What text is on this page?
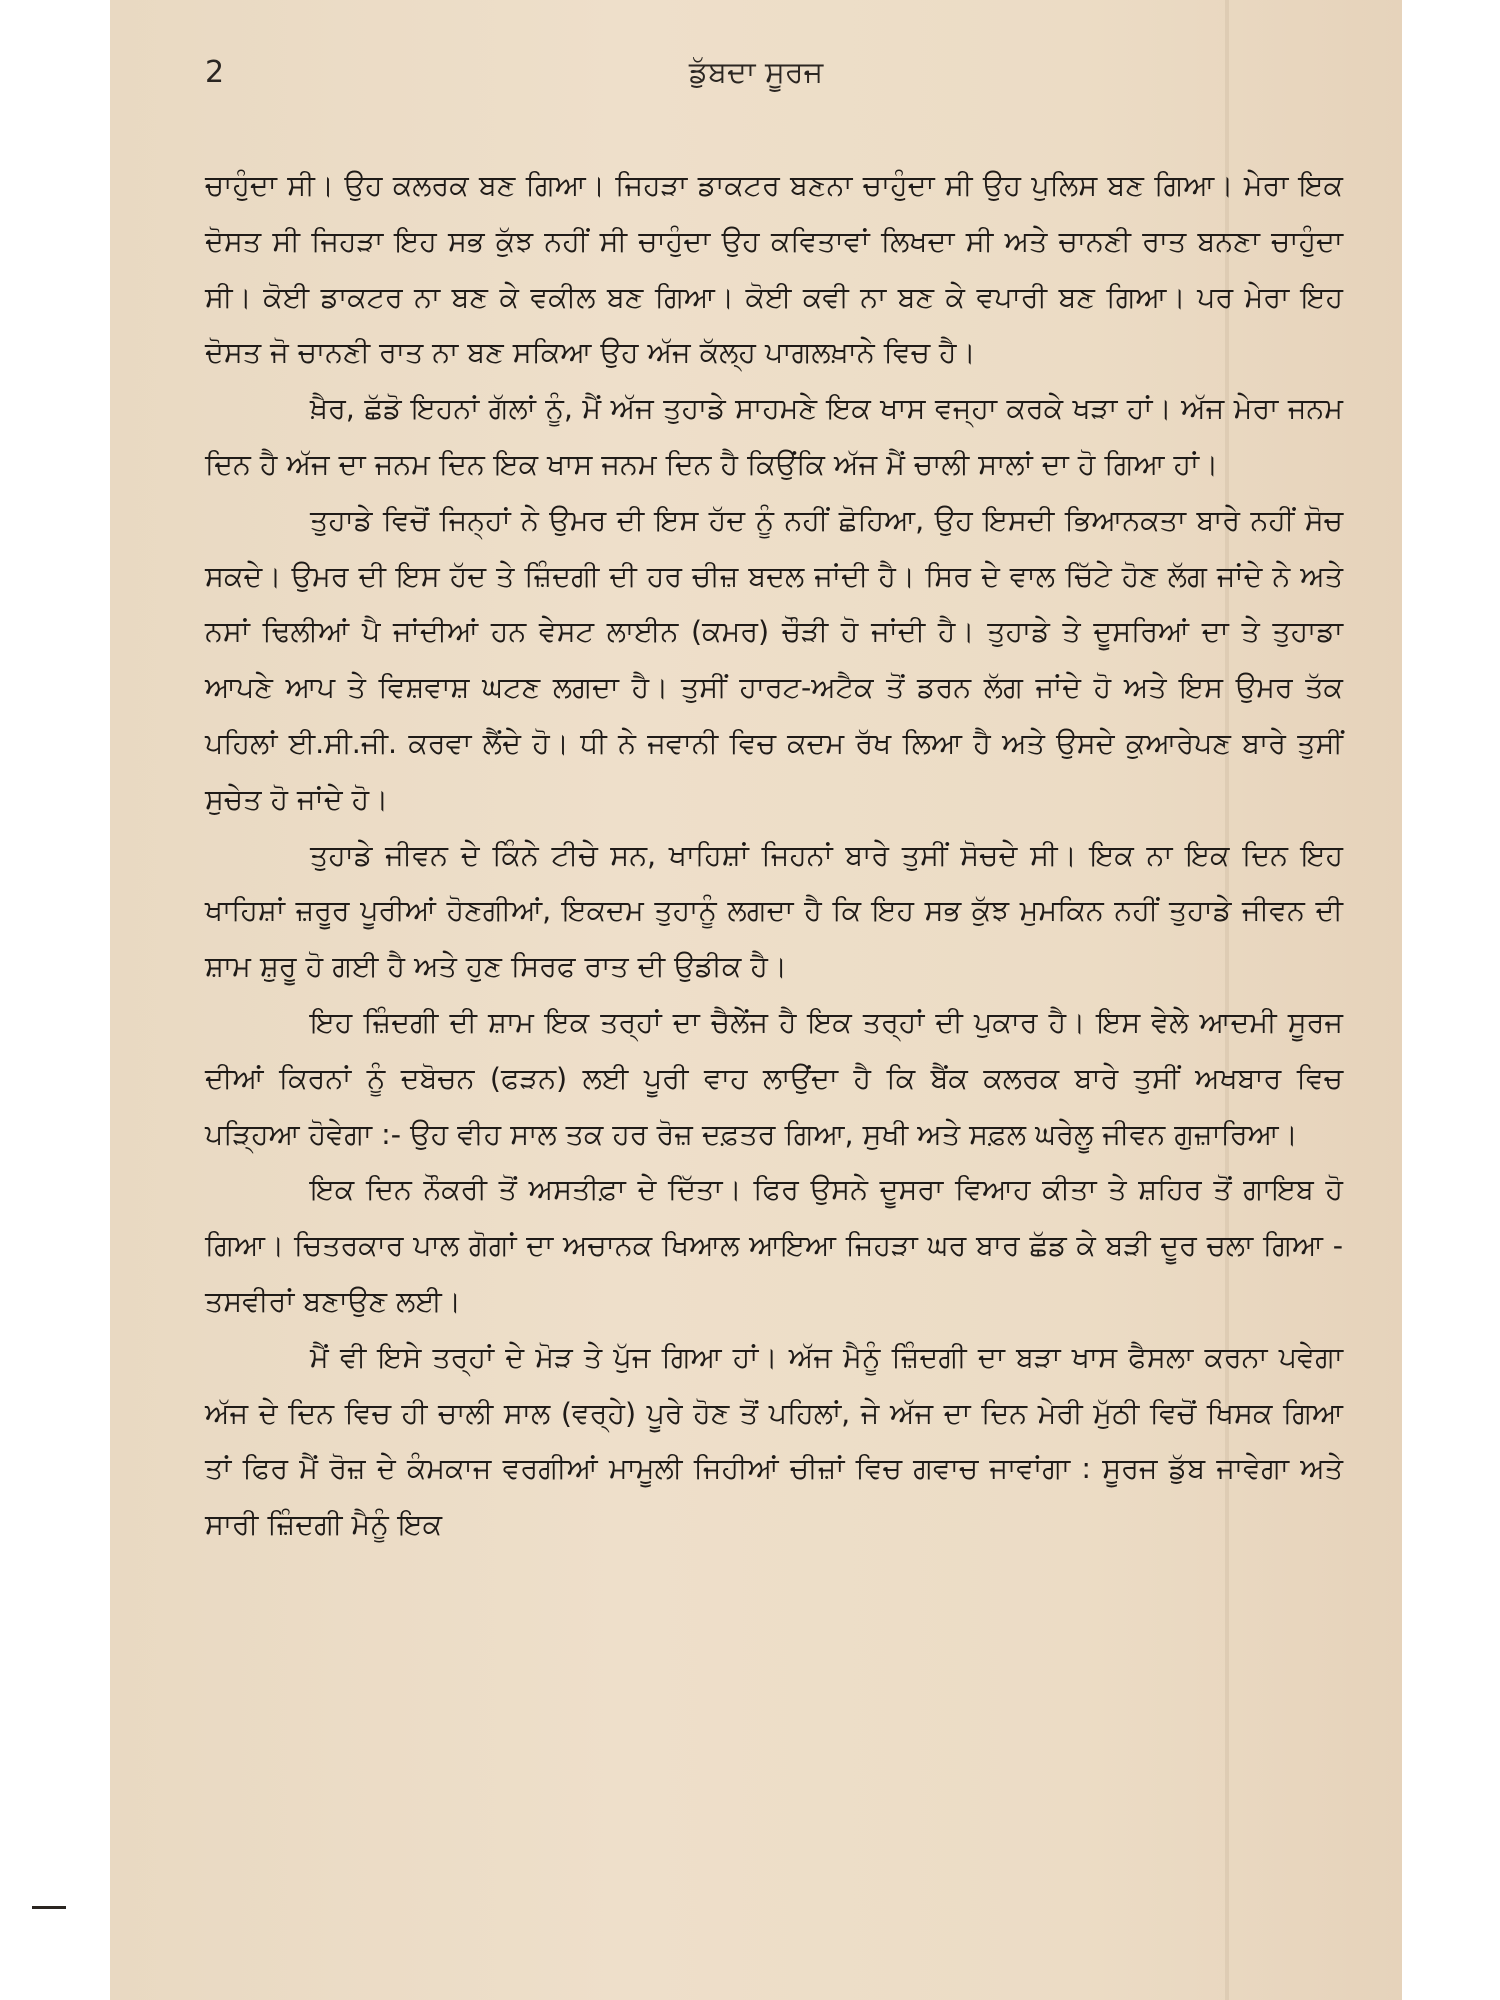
2	ਡੁੱਬਦਾ ਸੂਰਜ

ਚਾਹੁੰਦਾ ਸੀ। ਉਹ ਕਲਰਕ ਬਣ ਗਿਆ। ਜਿਹੜਾ ਡਾਕਟਰ ਬਣਨਾ ਚਾਹੁੰਦਾ ਸੀ ਉਹ ਪੁਲਿਸ ਬਣ ਗਿਆ। ਮੇਰਾ ਇਕ ਦੋਸਤ ਸੀ ਜਿਹੜਾ ਇਹ ਸਭ ਕੁੱਝ ਨਹੀਂ ਸੀ ਚਾਹੁੰਦਾ ਉਹ ਕਵਿਤਾਵਾਂ ਲਿਖਦਾ ਸੀ ਅਤੇ ਚਾਨਣੀ ਰਾਤ ਬਨਣਾ ਚਾਹੁੰਦਾ ਸੀ। ਕੋਈ ਡਾਕਟਰ ਨਾ ਬਣ ਕੇ ਵਕੀਲ ਬਣ ਗਿਆ। ਕੋਈ ਕਵੀ ਨਾ ਬਣ ਕੇ ਵਪਾਰੀ ਬਣ ਗਿਆ। ਪਰ ਮੇਰਾ ਇਹ ਦੋਸਤ ਜੋ ਚਾਨਣੀ ਰਾਤ ਨਾ ਬਣ ਸਕਿਆ ਉਹ ਅੱਜ ਕੱਲ੍ਹ ਪਾਗਲਖ਼ਾਨੇ ਵਿਚ ਹੈ।

ਖ਼ੈਰ, ਛੱਡੋ ਇਹਨਾਂ ਗੱਲਾਂ ਨੂੰ, ਮੈਂ ਅੱਜ ਤੁਹਾਡੇ ਸਾਹਮਣੇ ਇਕ ਖਾਸ ਵਜ੍ਹਾ ਕਰਕੇ ਖੜਾ ਹਾਂ। ਅੱਜ ਮੇਰਾ ਜਨਮ ਦਿਨ ਹੈ ਅੱਜ ਦਾ ਜਨਮ ਦਿਨ ਇਕ ਖਾਸ ਜਨਮ ਦਿਨ ਹੈ ਕਿਉਂਕਿ ਅੱਜ ਮੈਂ ਚਾਲੀ ਸਾਲਾਂ ਦਾ ਹੋ ਗਿਆ ਹਾਂ।

ਤੁਹਾਡੇ ਵਿਚੋਂ ਜਿਨ੍ਹਾਂ ਨੇ ਉਮਰ ਦੀ ਇਸ ਹੱਦ ਨੂੰ ਨਹੀਂ ਛੋਹਿਆ, ਉਹ ਇਸਦੀ ਭਿਆਨਕਤਾ ਬਾਰੇ ਨਹੀਂ ਸੋਚ ਸਕਦੇ। ਉਮਰ ਦੀ ਇਸ ਹੱਦ ਤੇ ਜ਼ਿੰਦਗੀ ਦੀ ਹਰ ਚੀਜ਼ ਬਦਲ ਜਾਂਦੀ ਹੈ। ਸਿਰ ਦੇ ਵਾਲ ਚਿੱਟੇ ਹੋਣ ਲੱਗ ਜਾਂਦੇ ਨੇ ਅਤੇ ਨਸਾਂ ਢਿਲੀਆਂ ਪੈ ਜਾਂਦੀਆਂ ਹਨ ਵੇਸਟ ਲਾਈਨ (ਕਮਰ) ਚੌੜੀ ਹੋ ਜਾਂਦੀ ਹੈ। ਤੁਹਾਡੇ ਤੇ ਦੂਸਰਿਆਂ ਦਾ ਤੇ ਤੁਹਾਡਾ ਆਪਣੇ ਆਪ ਤੇ ਵਿਸ਼ਵਾਸ਼ ਘਟਣ ਲਗਦਾ ਹੈ। ਤੁਸੀਂ ਹਾਰਟ-ਅਟੈਕ ਤੋਂ ਡਰਨ ਲੱਗ ਜਾਂਦੇ ਹੋ ਅਤੇ ਇਸ ਉਮਰ ਤੱਕ ਪਹਿਲਾਂ ਈ.ਸੀ.ਜੀ. ਕਰਵਾ ਲੈਂਦੇ ਹੋ। ਧੀ ਨੇ ਜਵਾਨੀ ਵਿਚ ਕਦਮ ਰੱਖ ਲਿਆ ਹੈ ਅਤੇ ਉਸਦੇ ਕੁਆਰੇਪਣ ਬਾਰੇ ਤੁਸੀਂ ਸੁਚੇਤ ਹੋ ਜਾਂਦੇ ਹੋ।

ਤੁਹਾਡੇ ਜੀਵਨ ਦੇ ਕਿੰਨੇ ਟੀਚੇ ਸਨ, ਖਾਹਿਸ਼ਾਂ ਜਿਹਨਾਂ ਬਾਰੇ ਤੁਸੀਂ ਸੋਚਦੇ ਸੀ। ਇਕ ਨਾ ਇਕ ਦਿਨ ਇਹ ਖਾਹਿਸ਼ਾਂ ਜ਼ਰੂਰ ਪੂਰੀਆਂ ਹੋਣਗੀਆਂ, ਇਕਦਮ ਤੁਹਾਨੂੰ ਲਗਦਾ ਹੈ ਕਿ ਇਹ ਸਭ ਕੁੱਝ ਮੁਮਕਿਨ ਨਹੀਂ ਤੁਹਾਡੇ ਜੀਵਨ ਦੀ ਸ਼ਾਮ ਸ਼ੁਰੂ ਹੋ ਗਈ ਹੈ ਅਤੇ ਹੁਣ ਸਿਰਫ ਰਾਤ ਦੀ ਉਡੀਕ ਹੈ।

ਇਹ ਜ਼ਿੰਦਗੀ ਦੀ ਸ਼ਾਮ ਇਕ ਤਰ੍ਹਾਂ ਦਾ ਚੈਲੇਂਜ ਹੈ ਇਕ ਤਰ੍ਹਾਂ ਦੀ ਪੁਕਾਰ ਹੈ। ਇਸ ਵੇਲੇ ਆਦਮੀ ਸੂਰਜ ਦੀਆਂ ਕਿਰਨਾਂ ਨੂੰ ਦਬੋਚਨ (ਫੜਨ) ਲਈ ਪੂਰੀ ਵਾਹ ਲਾਉਂਦਾ ਹੈ ਕਿ ਬੈਂਕ ਕਲਰਕ ਬਾਰੇ ਤੁਸੀਂ ਅਖਬਾਰ ਵਿਚ ਪੜ੍ਹਿਆ ਹੋਵੇਗਾ :- ਉਹ ਵੀਹ ਸਾਲ ਤਕ ਹਰ ਰੋਜ਼ ਦਫ਼ਤਰ ਗਿਆ, ਸੁਖੀ ਅਤੇ ਸਫ਼ਲ ਘਰੇਲੂ ਜੀਵਨ ਗੁਜ਼ਾਰਿਆ।

ਇਕ ਦਿਨ ਨੌਕਰੀ ਤੋਂ ਅਸਤੀਫ਼ਾ ਦੇ ਦਿੱਤਾ। ਫਿਰ ਉਸਨੇ ਦੂਸਰਾ ਵਿਆਹ ਕੀਤਾ ਤੇ ਸ਼ਹਿਰ ਤੋਂ ਗਾਇਬ ਹੋ ਗਿਆ। ਚਿਤਰਕਾਰ ਪਾਲ ਗੋਗਾਂ ਦਾ ਅਚਾਨਕ ਖਿਆਲ ਆਇਆ ਜਿਹੜਾ ਘਰ ਬਾਰ ਛੱਡ ਕੇ ਬੜੀ ਦੂਰ ਚਲਾ ਗਿਆ - ਤਸਵੀਰਾਂ ਬਣਾਉਣ ਲਈ।

ਮੈਂ ਵੀ ਇਸੇ ਤਰ੍ਹਾਂ ਦੇ ਮੋੜ ਤੇ ਪੁੱਜ ਗਿਆ ਹਾਂ। ਅੱਜ ਮੈਨੂੰ ਜ਼ਿੰਦਗੀ ਦਾ ਬੜਾ ਖਾਸ ਫੈਸਲਾ ਕਰਨਾ ਪਵੇਗਾ ਅੱਜ ਦੇ ਦਿਨ ਵਿਚ ਹੀ ਚਾਲੀ ਸਾਲ (ਵਰ੍ਹੇ) ਪੂਰੇ ਹੋਣ ਤੋਂ ਪਹਿਲਾਂ, ਜੇ ਅੱਜ ਦਾ ਦਿਨ ਮੇਰੀ ਮੁੱਠੀ ਵਿਚੋਂ ਖਿਸਕ ਗਿਆ ਤਾਂ ਫਿਰ ਮੈਂ ਰੋਜ਼ ਦੇ ਕੰਮਕਾਜ ਵਰਗੀਆਂ ਮਾਮੂਲੀ ਜਿਹੀਆਂ ਚੀਜ਼ਾਂ ਵਿਚ ਗਵਾਚ ਜਾਵਾਂਗਾ : ਸੂਰਜ ਡੁੱਬ ਜਾਵੇਗਾ ਅਤੇ ਸਾਰੀ ਜ਼ਿੰਦਗੀ ਮੈਨੂੰ ਇਕ
